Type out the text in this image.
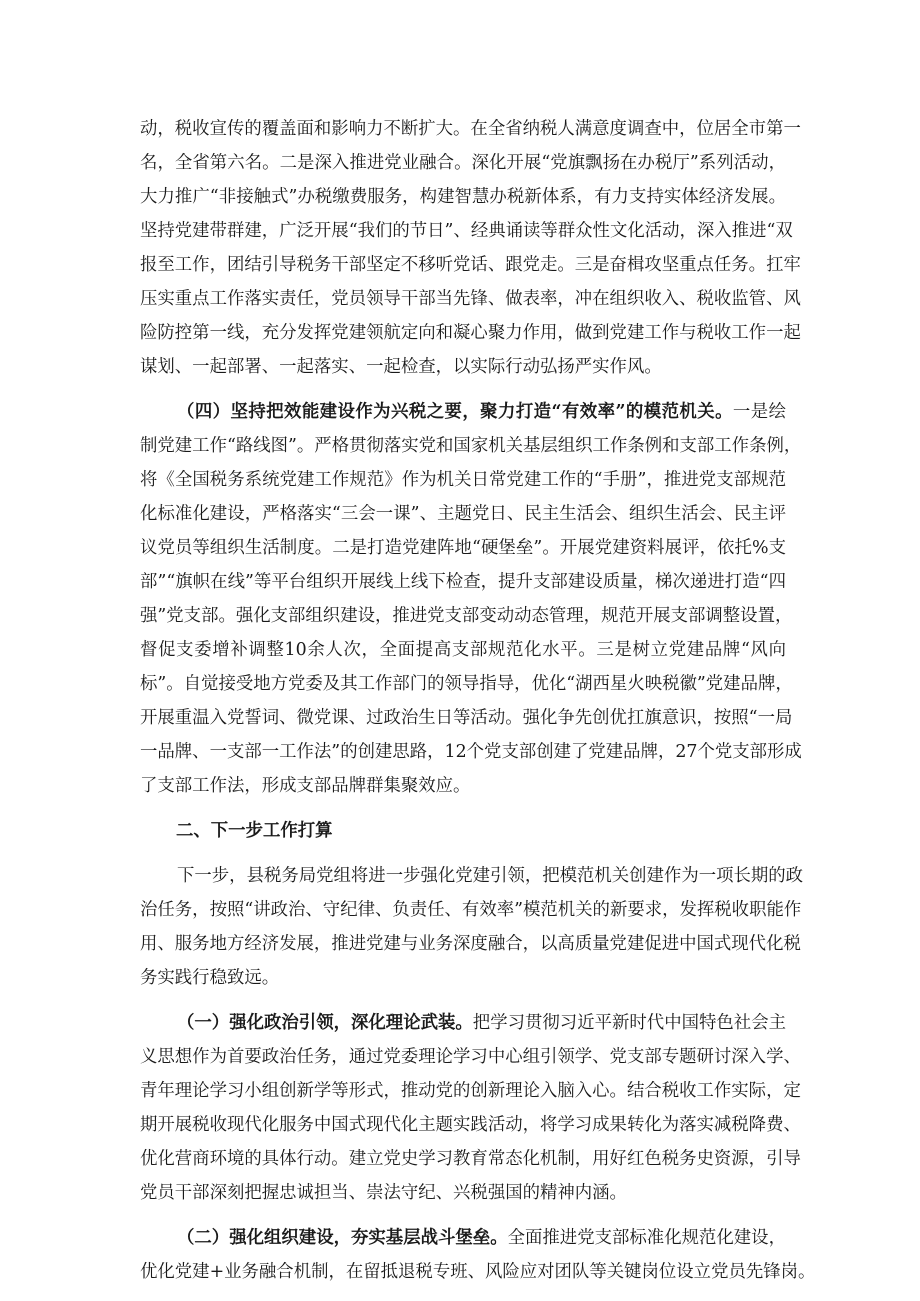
动，税收宣传的覆盖面和影响力不断扩大。在全省纳税人满意度调查中，位居全市第一
名，全省第六名。二是深入推进党业融合。深化开展“党旗飘扬在办税厅”系列活动，
大力推广“非接触式”办税缴费服务，构建智慧办税新体系，有力支持实体经济发展。
坚持党建带群建，广泛开展“我们的节日”、经典诵读等群众性文化活动，深入推进“双
报至工作，团结引导税务干部坚定不移听党话、跟党走。三是奋楫攻坚重点任务。扛牢
压实重点工作落实责任，党员领导干部当先锋、做表率，冲在组织收入、税收监管、风
险防控第一线，充分发挥党建领航定向和凝心聚力作用，做到党建工作与税收工作一起
谋划、一起部署、一起落实、一起检查，以实际行动弘扬严实作风。
（四）坚持把效能建设作为兴税之要，聚力打造“有效率”的模范机关。一是绘
制党建工作“路线图”。严格贯彻落实党和国家机关基层组织工作条例和支部工作条例，
将《全国税务系统党建工作规范》作为机关日常党建工作的“手册”，推进党支部规范
化标准化建设，严格落实“三会一课”、主题党日、民主生活会、组织生活会、民主评
议党员等组织生活制度。二是打造党建阵地“硬堡垒”。开展党建资料展评，依托%支
部”“旗帜在线”等平台组织开展线上线下检查，提升支部建设质量，梯次递进打造“四
强”党支部。强化支部组织建设，推进党支部变动动态管理，规范开展支部调整设置，
督促支委增补调整10余人次，全面提高支部规范化水平。三是树立党建品牌“风向
标”。自觉接受地方党委及其工作部门的领导指导，优化“湖西星火映税徽”党建品牌，
开展重温入党誓词、微党课、过政治生日等活动。强化争先创优扛旗意识，按照“一局
一品牌、一支部一工作法”的创建思路，12个党支部创建了党建品牌，27个党支部形成
了支部工作法，形成支部品牌群集聚效应。
二、下一步工作打算
下一步，县税务局党组将进一步强化党建引领，把模范机关创建作为一项长期的政
治任务，按照“讲政治、守纪律、负责任、有效率”模范机关的新要求，发挥税收职能作
用、服务地方经济发展，推进党建与业务深度融合，以高质量党建促进中国式现代化税
务实践行稳致远。
（一）强化政治引领，深化理论武装。把学习贯彻习近平新时代中国特色社会主
义思想作为首要政治任务，通过党委理论学习中心组引领学、党支部专题研讨深入学、
青年理论学习小组创新学等形式，推动党的创新理论入脑入心。结合税收工作实际，定
期开展税收现代化服务中国式现代化主题实践活动，将学习成果转化为落实减税降费、
优化营商环境的具体行动。建立党史学习教育常态化机制，用好红色税务史资源，引导
党员干部深刻把握忠诚担当、崇法守纪、兴税强国的精神内涵。
（二）强化组织建设，夯实基层战斗堡垒。全面推进党支部标准化规范化建设，
优化党建+业务融合机制，在留抵退税专班、风险应对团队等关键岗位设立党员先锋岗。
